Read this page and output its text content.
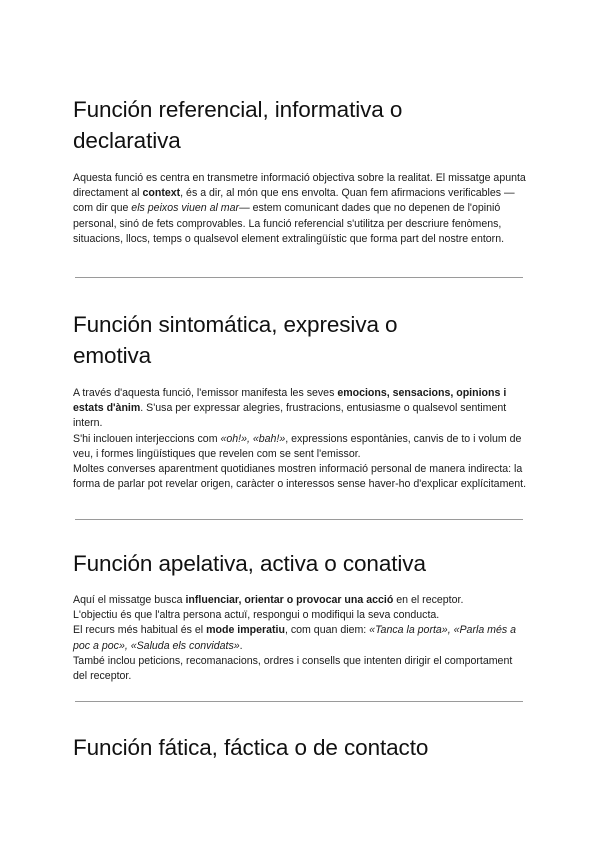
Función referencial, informativa o
declarativa

Aquesta funció es centra en transmetre informació objectiva sobre la realitat. El missatge apunta directament al context, és a dir, al món que ens envolta. Quan fem afirmacions verificables —com dir que els peixos viuen al mar— estem comunicant dades que no depenen de l'opinió personal, sinó de fets comprovables. La funció referencial s'utilitza per descriure fenòmens, situacions, llocs, temps o qualsevol element extralingüístic que forma part del nostre entorn.

Función sintomática, expresiva o
emotiva

A través d'aquesta funció, l'emissor manifesta les seves emocions, sensacions, opinions i estats d'ànim. S'usa per expressar alegries, frustracions, entusiasme o qualsevol sentiment intern.

S'hi inclouen interjeccions com «oh!», «bah!», expressions espontànies, canvis de to i volum de veu, i formes lingüístiques que revelen com se sent l'emissor.

Moltes converses aparentment quotidianes mostren informació personal de manera indirecta: la forma de parlar pot revelar origen, caràcter o interessos sense haver-ho d'explicar explícitament.

Función apelativa, activa o conativa

Aquí el missatge busca influenciar, orientar o provocar una acció en el receptor.

L'objectiu és que l'altra persona actuï, respongui o modifiqui la seva conducta.

El recurs més habitual és el mode imperatiu, com quan diem: «Tanca la porta», «Parla més a poc a poc», «Saluda els convidats».

També inclou peticions, recomanacions, ordres i consells que intenten dirigir el comportament del receptor.

Función fática, fáctica o de contacto
